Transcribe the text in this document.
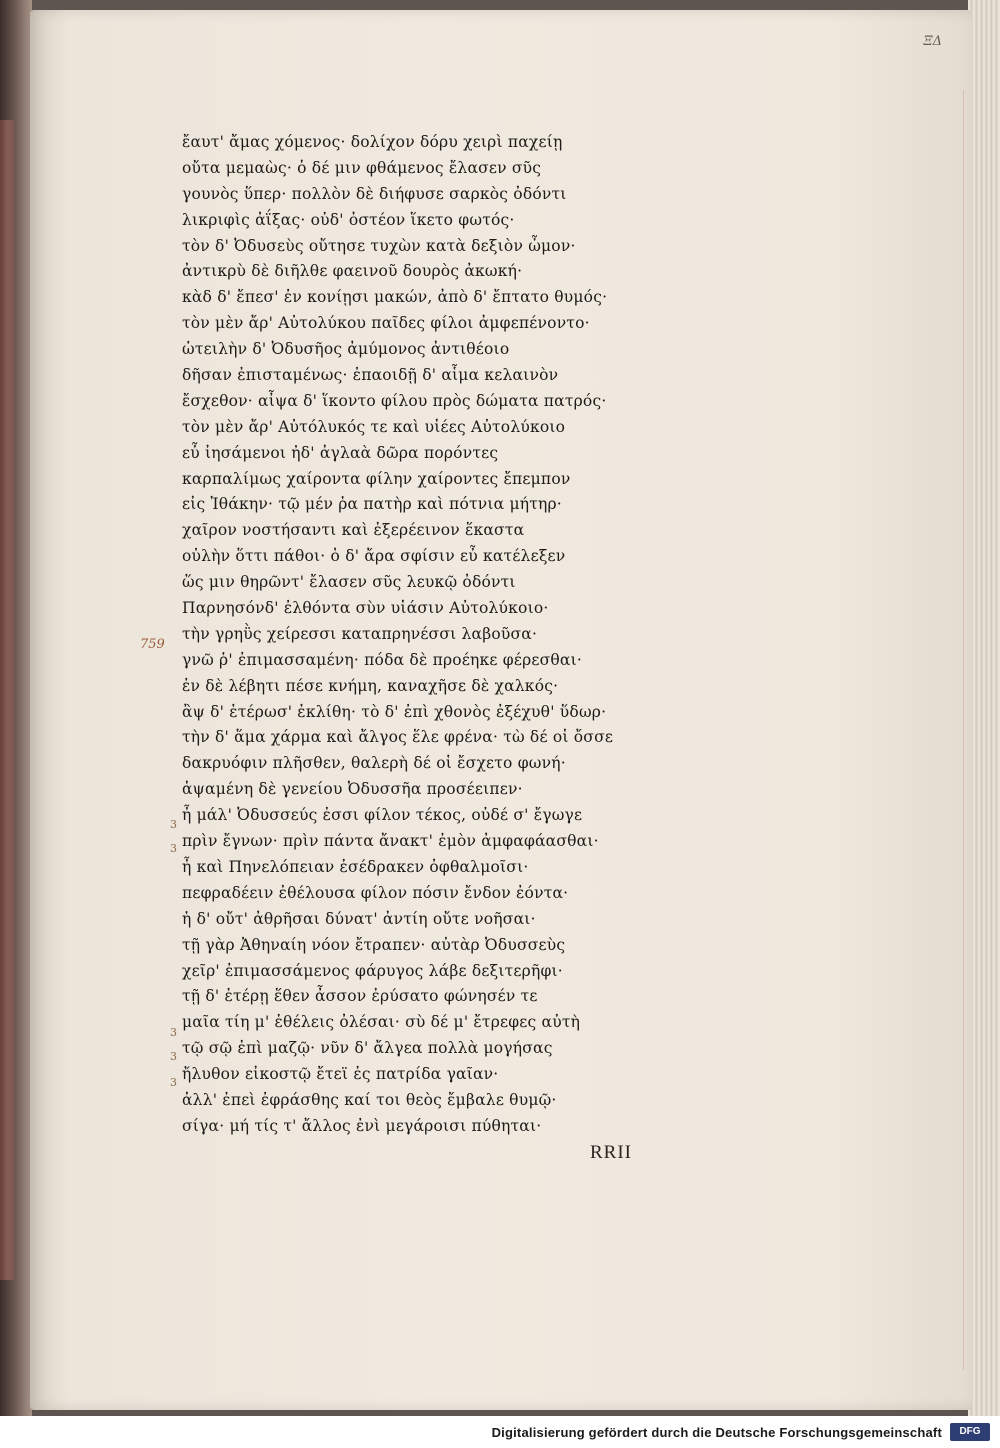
ΞΔ
759
3
3
3
3
3
ἔαυτ' ἄμας χόμενος· δολίχον δόρυ χειρὶ παχείῃ
οὔτα μεμαὼς· ὁ δέ μιν φθάμενος ἔλασεν σῦς
γουνὸς ὕπερ· πολλὸν δὲ διήφυσε σαρκὸς ὀδόντι
λικριφὶς ἀΐξας· οὐδ' ὀστέον ἵκετο φωτός·
τὸν δ' Ὀδυσεὺς οὔτησε τυχὼν κατὰ δεξιὸν ὦμον·
ἀντικρὺ δὲ διῆλθε φαεινοῦ δουρὸς ἀκωκή·
κὰδ δ' ἔπεσ' ἐν κονίῃσι μακών, ἀπὸ δ' ἔπτατο θυμός·
τὸν μὲν ἄρ' Αὐτολύκου παῖδες φίλοι ἀμφεπένοντο·
ὠτειλὴν δ' Ὀδυσῆος ἀμύμονος ἀντιθέοιο
δῆσαν ἐπισταμένως· ἐπαοιδῇ δ' αἷμα κελαινὸν
ἔσχεθον· αἶψα δ' ἵκοντο φίλου πρὸς δώματα πατρός·
τὸν μὲν ἄρ' Αὐτόλυκός τε καὶ υἱέες Αὐτολύκοιο
εὖ ἰησάμενοι ἠδ' ἀγλαὰ δῶρα πορόντες
καρπαλίμως χαίροντα φίλην χαίροντες ἔπεμπον
εἰς Ἰθάκην· τῷ μέν ῥα πατὴρ καὶ πότνια μήτηρ·
χαῖρον νοστήσαντι καὶ ἐξερέεινον ἕκαστα
οὐλὴν ὅττι πάθοι· ὁ δ' ἄρα σφίσιν εὖ κατέλεξεν
ὥς μιν θηρῶντ' ἔλασεν σῦς λευκῷ ὀδόντι
Παρνησόνδ' ἐλθόντα σὺν υἱάσιν Αὐτολύκοιο·
τὴν γρηῢς χείρεσσι καταπρηνέσσι λαβοῦσα·
γνῶ ῥ' ἐπιμασσαμένη· πόδα δὲ προέηκε φέρεσθαι·
ἐν δὲ λέβητι πέσε κνήμη, καναχῆσε δὲ χαλκός·
ἂψ δ' ἑτέρωσ' ἐκλίθη· τὸ δ' ἐπὶ χθονὸς ἐξέχυθ' ὕδωρ·
τὴν δ' ἅμα χάρμα καὶ ἄλγος ἕλε φρένα· τὼ δέ οἱ ὄσσε
δακρυόφιν πλῆσθεν, θαλερὴ δέ οἱ ἔσχετο φωνή·
ἁψαμένη δὲ γενείου Ὀδυσσῆα προσέειπεν·
ἦ μάλ' Ὀδυσσεύς ἐσσι φίλον τέκος, οὐδέ σ' ἔγωγε
πρὶν ἔγνων· πρὶν πάντα ἄνακτ' ἐμὸν ἀμφαφάασθαι·
ἦ καὶ Πηνελόπειαν ἐσέδρακεν ὀφθαλμοῖσι·
πεφραδέειν ἐθέλουσα φίλον πόσιν ἔνδον ἐόντα·
ἡ δ' οὔτ' ἀθρῆσαι δύνατ' ἀντίη οὔτε νοῆσαι·
τῇ γὰρ Ἀθηναίη νόον ἔτραπεν· αὐτὰρ Ὀδυσσεὺς
χεῖρ' ἐπιμασσάμενος φάρυγος λάβε δεξιτερῆφι·
τῇ δ' ἑτέρῃ ἕθεν ἆσσον ἐρύσατο φώνησέν τε
μαῖα τίη μ' ἐθέλεις ὀλέσαι· σὺ δέ μ' ἔτρεφες αὐτὴ
τῷ σῷ ἐπὶ μαζῷ· νῦν δ' ἄλγεα πολλὰ μογήσας
ἤλυθον εἰκοστῷ ἔτεϊ ἐς πατρίδα γαῖαν·
ἀλλ' ἐπεὶ ἐφράσθης καί τοι θεὸς ἔμβαλε θυμῷ·
σίγα· μή τίς τ' ἄλλος ἐνὶ μεγάροισι πύθηται·
RRII
Digitalisierung gefördert durch die Deutsche Forschungsgemeinschaft	DFG
